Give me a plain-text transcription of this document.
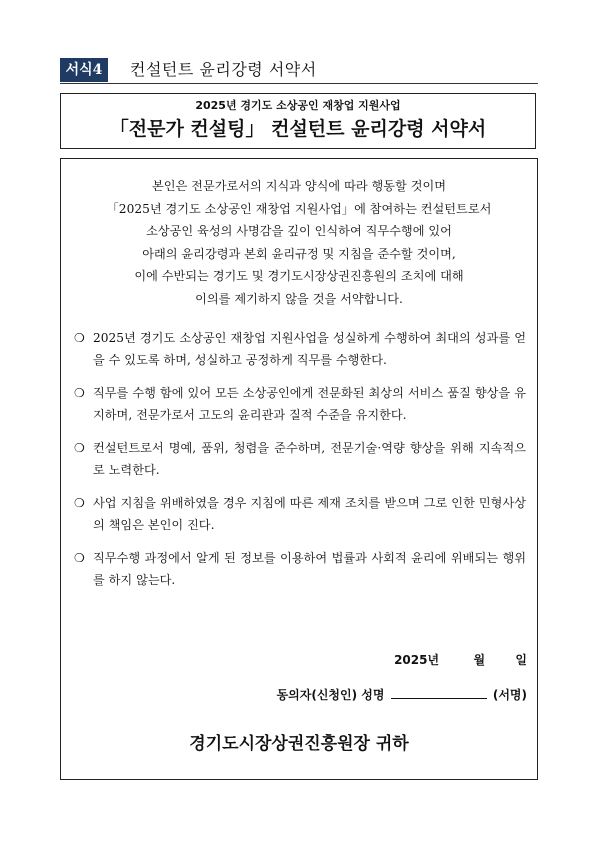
서식4	컨설턴트 윤리강령 서약서
2025년 경기도 소상공인 재창업 지원사업
「전문가 컨설팅」 컨설턴트 윤리강령 서약서
본인은 전문가로서의 지식과 양식에 따라 행동할 것이며
「2025년 경기도 소상공인 재창업 지원사업」에 참여하는 컨설턴트로서
소상공인 육성의 사명감을 깊이 인식하여 직무수행에 있어
아래의 윤리강령과 본회 윤리규정 및 지침을 준수할 것이며,
이에 수반되는 경기도 및 경기도시장상권진흥원의 조치에 대해
이의를 제기하지 않을 것을 서약합니다.
❍ 2025년 경기도 소상공인 재창업 지원사업을 성실하게 수행하여 최대의 성과를 얻을 수 있도록 하며, 성실하고 공정하게 직무를 수행한다.
❍ 직무를 수행 함에 있어 모든 소상공인에게 전문화된 최상의 서비스 품질 향상을 유지하며, 전문가로서 고도의 윤리관과 질적 수준을 유지한다.
❍ 컨설턴트로서 명예, 품위, 청렴을 준수하며, 전문기술·역량 향상을 위해 지속적으로 노력한다.
❍ 사업 지침을 위배하였을 경우 지침에 따른 제재 조치를 받으며 그로 인한 민형사상의 책임은 본인이 진다.
❍ 직무수행 과정에서 알게 된 정보를 이용하여 법률과 사회적 윤리에 위배되는 행위를 하지 않는다.
2025년	월	일
동의자(신청인) 성명	(서명)
경기도시장상권진흥원장 귀하
